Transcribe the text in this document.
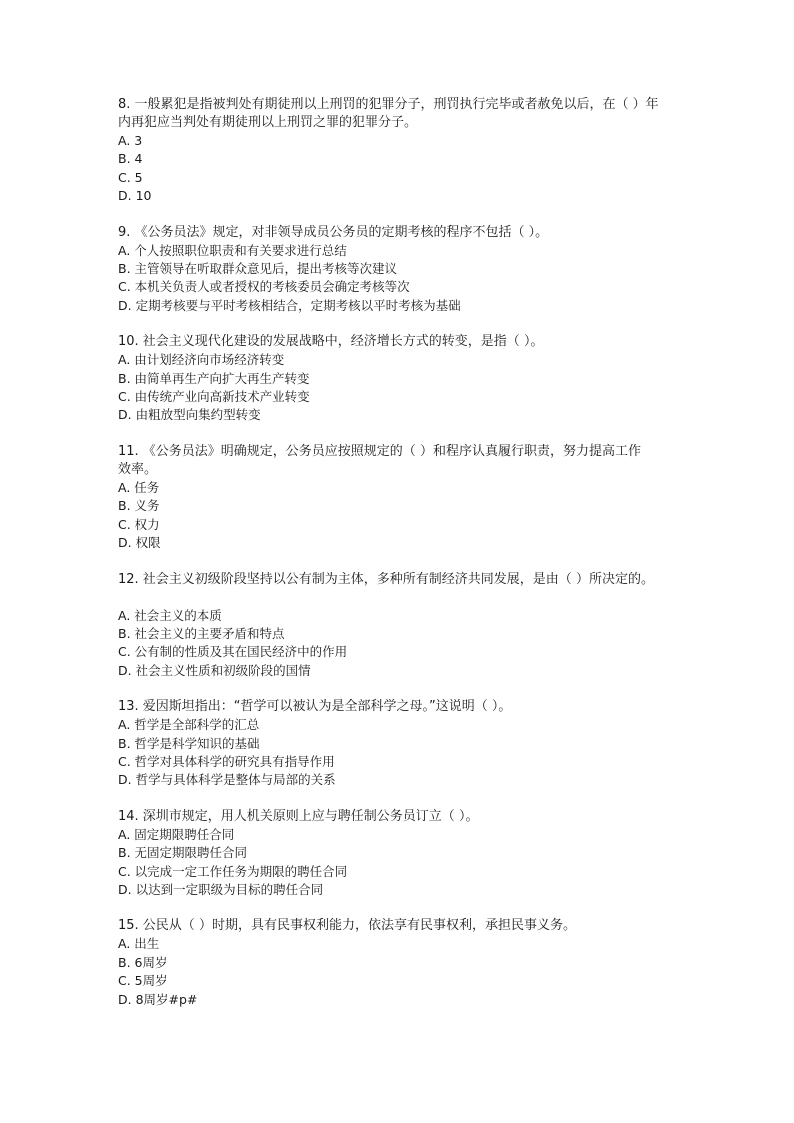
8. 一般累犯是指被判处有期徒刑以上刑罚的犯罪分子，刑罚执行完毕或者赦免以后，在（ ）年

内再犯应当判处有期徒刑以上刑罚之罪的犯罪分子。

A. 3

B. 4

C. 5

D. 10

9. 《公务员法》规定，对非领导成员公务员的定期考核的程序不包括（ ）。

A. 个人按照职位职责和有关要求进行总结

B. 主管领导在听取群众意见后，提出考核等次建议

C. 本机关负责人或者授权的考核委员会确定考核等次

D. 定期考核要与平时考核相结合，定期考核以平时考核为基础

10. 社会主义现代化建设的发展战略中，经济增长方式的转变，是指（ ）。

A. 由计划经济向市场经济转变

B. 由简单再生产向扩大再生产转变

C. 由传统产业向高新技术产业转变

D. 由粗放型向集约型转变

11. 《公务员法》明确规定，公务员应按照规定的（ ）和程序认真履行职责，努力提高工作

效率。

A. 任务

B. 义务

C. 权力

D. 权限

12. 社会主义初级阶段坚持以公有制为主体，多种所有制经济共同发展，是由（ ）所决定的。

A. 社会主义的本质

B. 社会主义的主要矛盾和特点

C. 公有制的性质及其在国民经济中的作用

D. 社会主义性质和初级阶段的国情

13. 爱因斯坦指出：“哲学可以被认为是全部科学之母。”这说明（ ）。

A. 哲学是全部科学的汇总

B. 哲学是科学知识的基础

C. 哲学对具体科学的研究具有指导作用

D. 哲学与具体科学是整体与局部的关系

14. 深圳市规定，用人机关原则上应与聘任制公务员订立（ ）。

A. 固定期限聘任合同

B. 无固定期限聘任合同

C. 以完成一定工作任务为期限的聘任合同

D. 以达到一定职级为目标的聘任合同

15. 公民从（ ）时期，具有民事权利能力，依法享有民事权利，承担民事义务。

A. 出生

B. 6周岁

C. 5周岁

D. 8周岁#p#
